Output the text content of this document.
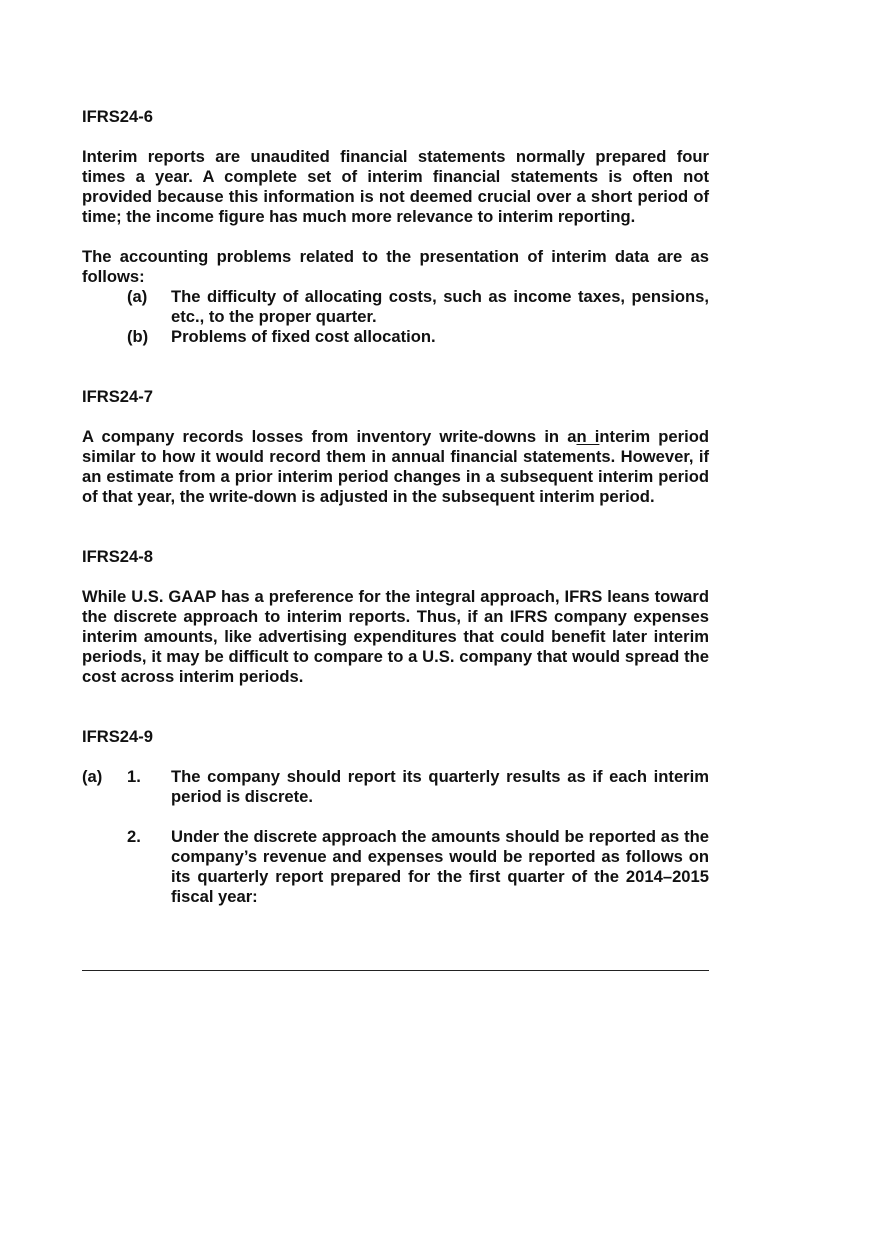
IFRS24-6

Interim reports are unaudited financial statements normally prepared four times a year. A complete set of interim financial statements is often not provided because this information is not deemed crucial over a short period of time; the income figure has much more relevance to interim reporting.

The accounting problems related to the presentation of interim data are as follows:

(a)	The difficulty of allocating costs, such as income taxes, pensions, etc., to the proper quarter.
(b)	Problems of fixed cost allocation.
IFRS24-7

A company records losses from inventory write-downs in an interim period similar to how it would record them in annual financial statements. However, if an estimate from a prior interim period changes in a subsequent interim period of that year, the write-down is adjusted in the subsequent interim period.

IFRS24-8

While U.S. GAAP has a preference for the integral approach, IFRS leans toward the discrete approach to interim reports. Thus, if an IFRS company expenses interim amounts, like advertising expenditures that could benefit later interim periods, it may be difficult to compare to a U.S. company that would spread the cost across interim periods.

IFRS24-9
(a)	1.	The company should report its quarterly results as if each interim period is discrete.
2.	Under the discrete approach the amounts should be reported as the company’s revenue and expenses would be reported as follows on its quarterly report prepared for the first quarter of the 2014–2015 fiscal year:
